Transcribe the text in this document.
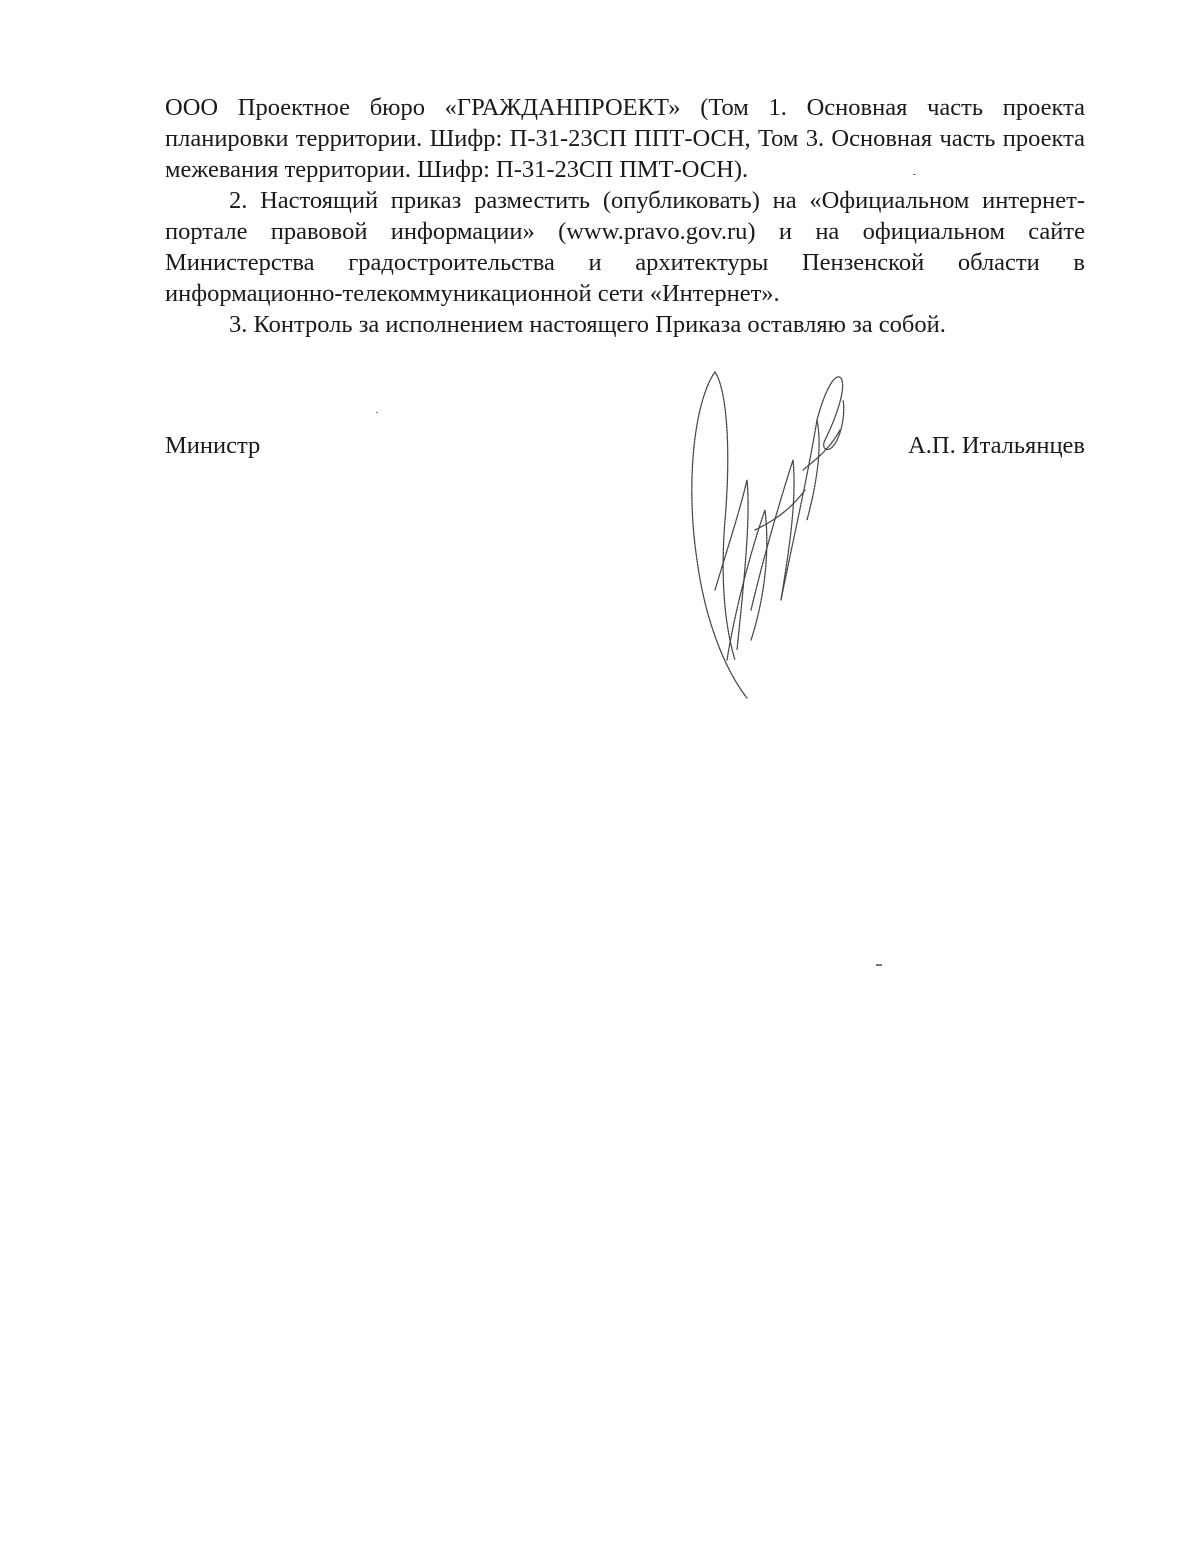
ООО Проектное бюро «ГРАЖДАНПРОЕКТ» (Том 1. Основная часть проекта планировки территории. Шифр: П-31-23СП ППТ-ОСН, Том 3. Основная часть проекта межевания территории. Шифр: П-31-23СП ПМТ-ОСН).

2. Настоящий приказ разместить (опубликовать) на «Официальном интернет-портале правовой информации» (www.pravo.gov.ru) и на официальном сайте Министерства градостроительства и архитектуры Пензенской области в информационно-телекоммуникационной сети «Интернет».

3. Контроль за исполнением настоящего Приказа оставляю за собой.

Министр	А.П. Итальянцев
